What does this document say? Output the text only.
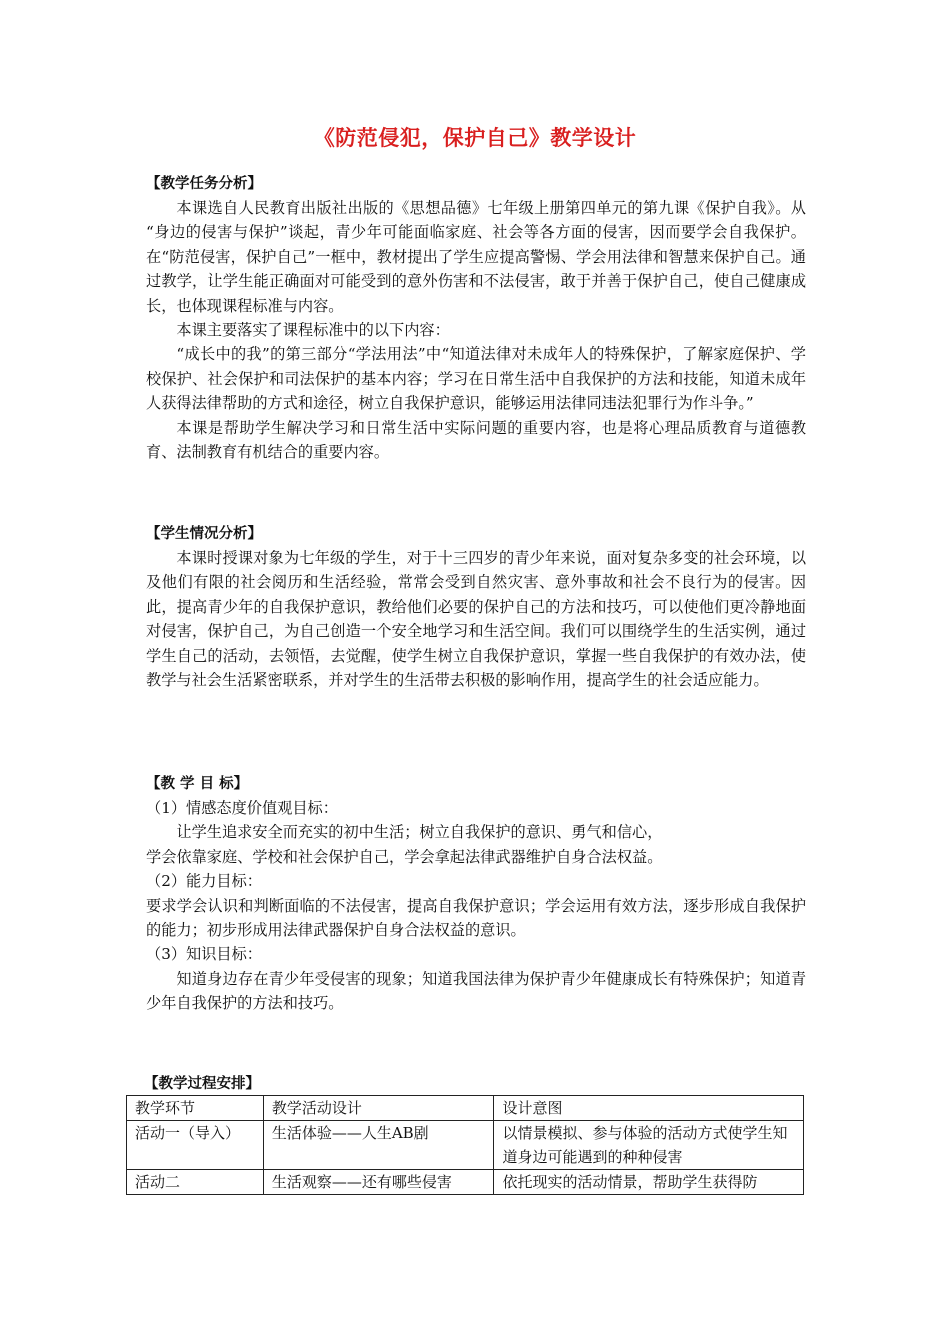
《防范侵犯，保护自己》教学设计

【教学任务分析】

本课选自人民教育出版社出版的《思想品德》七年级上册第四单元的第九课《保护自我》。从 “身边的侵害与保护”谈起，青少年可能面临家庭、社会等各方面的侵害，因而要学会自我保护。在“防范侵害，保护自己”一框中，教材提出了学生应提高警惕、学会用法律和智慧来保护自己。通过教学，让学生能正确面对可能受到的意外伤害和不法侵害，敢于并善于保护自己，使自己健康成长，也体现课程标准与内容。

本课主要落实了课程标准中的以下内容：

“成长中的我”的第三部分“学法用法”中“知道法律对未成年人的特殊保护，了解家庭保护、学校保护、社会保护和司法保护的基本内容；学习在日常生活中自我保护的方法和技能，知道未成年人获得法律帮助的方式和途径，树立自我保护意识，能够运用法律同违法犯罪行为作斗争。”

本课是帮助学生解决学习和日常生活中实际问题的重要内容，也是将心理品质教育与道德教育、法制教育有机结合的重要内容。

【学生情况分析】

本课时授课对象为七年级的学生，对于十三四岁的青少年来说，面对复杂多变的社会环境，以及他们有限的社会阅历和生活经验，常常会受到自然灾害、意外事故和社会不良行为的侵害。因此，提高青少年的自我保护意识，教给他们必要的保护自己的方法和技巧，可以使他们更冷静地面对侵害，保护自己，为自己创造一个安全地学习和生活空间。我们可以围绕学生的生活实例，通过学生自己的活动，去领悟，去觉醒，使学生树立自我保护意识，掌握一些自我保护的有效办法，使教学与社会生活紧密联系，并对学生的生活带去积极的影响作用，提高学生的社会适应能力。

【教 学 目 标】

（1）情感态度价值观目标：

让学生追求安全而充实的初中生活；树立自我保护的意识、勇气和信心，

学会依靠家庭、学校和社会保护自己，学会拿起法律武器维护自身合法权益。

（2）能力目标：

要求学会认识和判断面临的不法侵害，提高自我保护意识；学会运用有效方法，逐步形成自我保护的能力；初步形成用法律武器保护自身合法权益的意识。

（3）知识目标：

知道身边存在青少年受侵害的现象；知道我国法律为保护青少年健康成长有特殊保护；知道青少年自我保护的方法和技巧。

【教学过程安排】

教学环节	教学活动设计	设计意图
活动一（导入）	生活体验——人生AB剧	以情景模拟、参与体验的活动方式使学生知道身边可能遇到的种种侵害
活动二	生活观察——还有哪些侵害	依托现实的活动情景，帮助学生获得防
